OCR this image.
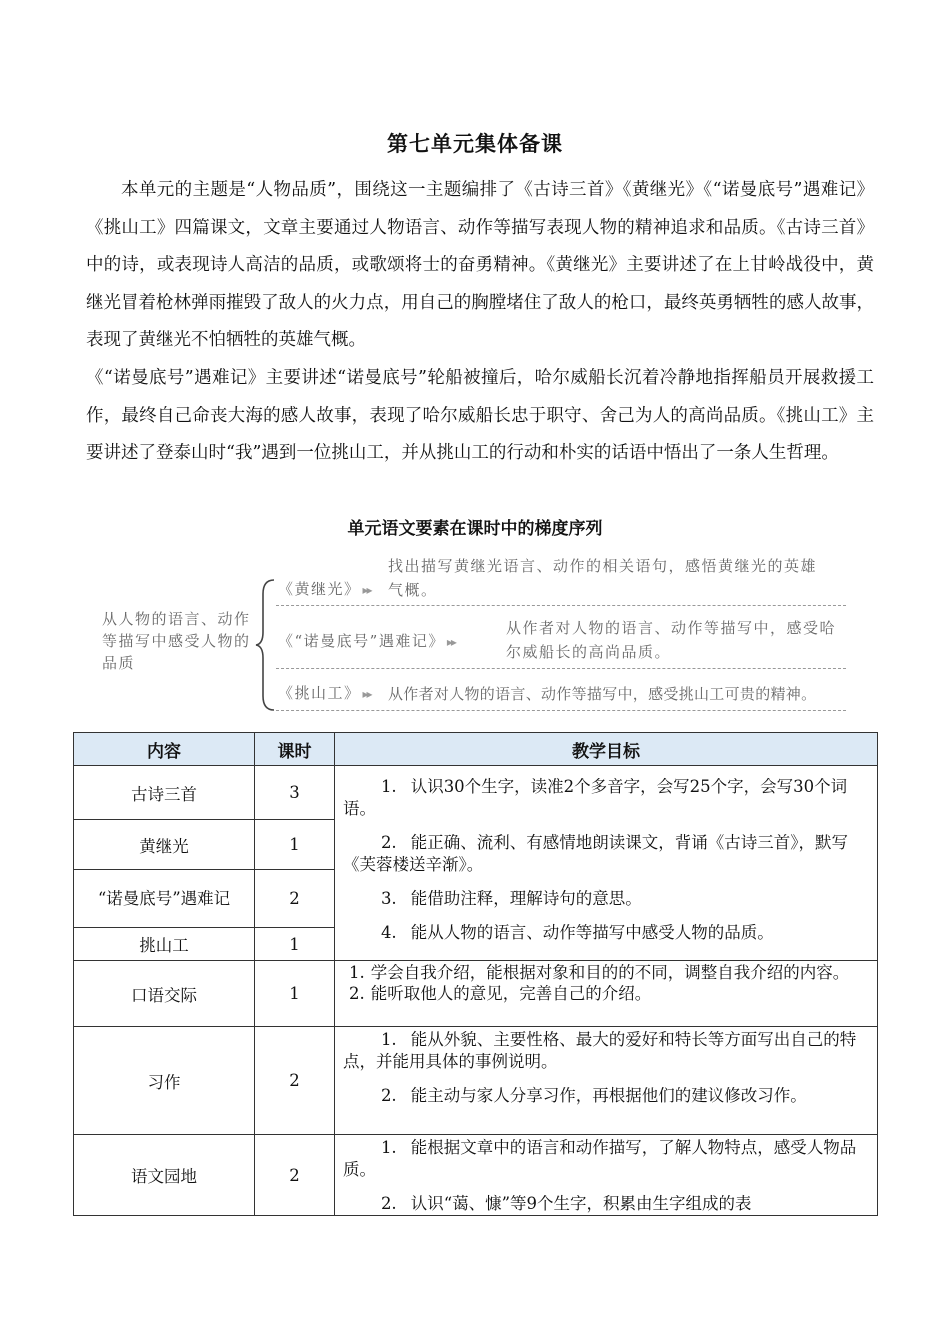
第七单元集体备课

本单元的主题是“人物品质”，围绕这一主题编排了《古诗三首》《黄继光》《“诺曼底号”遇难记》《挑山工》四篇课文，文章主要通过人物语言、动作等描写表现人物的精神追求和品质。《古诗三首》中的诗，或表现诗人高洁的品质，或歌颂将士的奋勇精神。《黄继光》主要讲述了在上甘岭战役中，黄继光冒着枪林弹雨摧毁了敌人的火力点，用自己的胸膛堵住了敌人的枪口，最终英勇牺牲的感人故事，表现了黄继光不怕牺牲的英雄气概。

《“诺曼底号”遇难记》主要讲述“诺曼底号”轮船被撞后，哈尔威船长沉着冷静地指挥船员开展救援工作，最终自己命丧大海的感人故事，表现了哈尔威船长忠于职守、舍己为人的高尚品质。《挑山工》主要讲述了登泰山时“我”遇到一位挑山工，并从挑山工的行动和朴实的话语中悟出了一条人生哲理。

单元语文要素在课时中的梯度序列
从人物的语言、动作等描写中感受人物的品质
《黄继光》 ▸▸
找出描写黄继光语言、动作的相关语句，感悟黄继光的英雄气概。
《“诺曼底号”遇难记》 ▸▸
从作者对人物的语言、动作等描写中，感受哈尔威船长的高尚品质。
《挑山工》 ▸▸ 从作者对人物的语言、动作等描写中，感受挑山工可贵的精神。
内容	课时	教学目标
古诗三首	3	1. 认识30个生字，读准2个多音字，会写25个字，会写30个词语。

2. 能正确、流利、有感情地朗读课文，背诵《古诗三首》，默写《芙蓉楼送辛渐》。

3. 能借助注释，理解诗句的意思。

4. 能从人物的语言、动作等描写中感受人物的品质。

黄继光	1	
“诺曼底号”遇难记	2	
挑山工	1	
口语交际	1	1. 学会自我介绍，能根据对象和目的的不同，调整自我介绍的内容。

2. 能听取他人的意见，完善自己的介绍。

习作	2	1. 能从外貌、主要性格、最大的爱好和特长等方面写出自己的特点，并能用具体的事例说明。

2. 能主动与家人分享习作，再根据他们的建议修改习作。

语文园地	2	1. 能根据文章中的语言和动作描写，了解人物特点，感受人物品质。

2. 认识“蔼、慷”等9个生字，积累由生字组成的表
